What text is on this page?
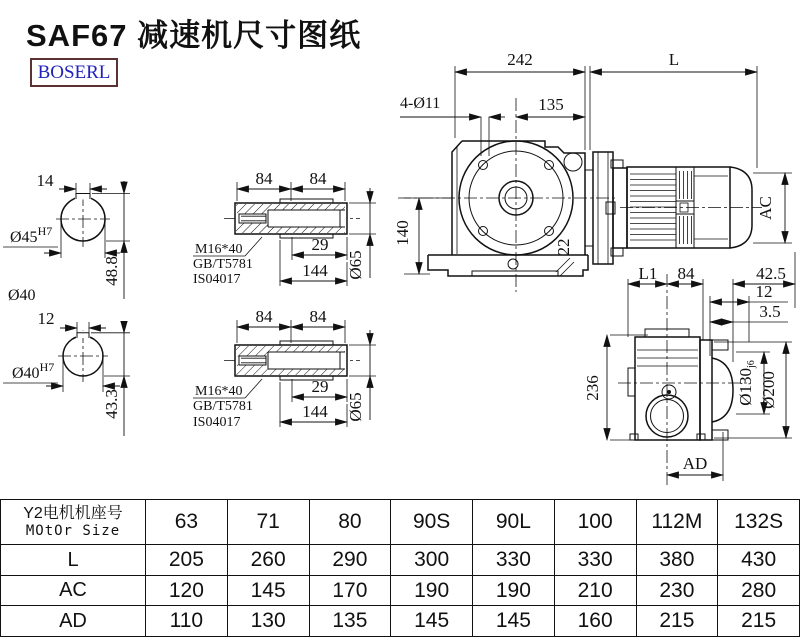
14
$Ø45^{H7}$
48.8
Ø40
12
$Ø40^{H7}$
43.3
84 84
29
144 Ø65
M16*40
GB/T5781
IS04017
84 84
29
144 Ø65
M16*40
GB/T5781
IS04017
22
242	L
4-Ø11	135
140
AC
236
L1 84	42.5
12
3.5
Ø130j6
Ø200
AD
SAF67 减速机尺寸图纸
BOSERL
Y2电机机座号
MOtOr Size	63	71	80	90S	90L	100	112M	132S
L	205	260	290	300	330	330	380	430
AC	120	145	170	190	190	210	230	280
AD	110	130	135	145	145	160	215	215
